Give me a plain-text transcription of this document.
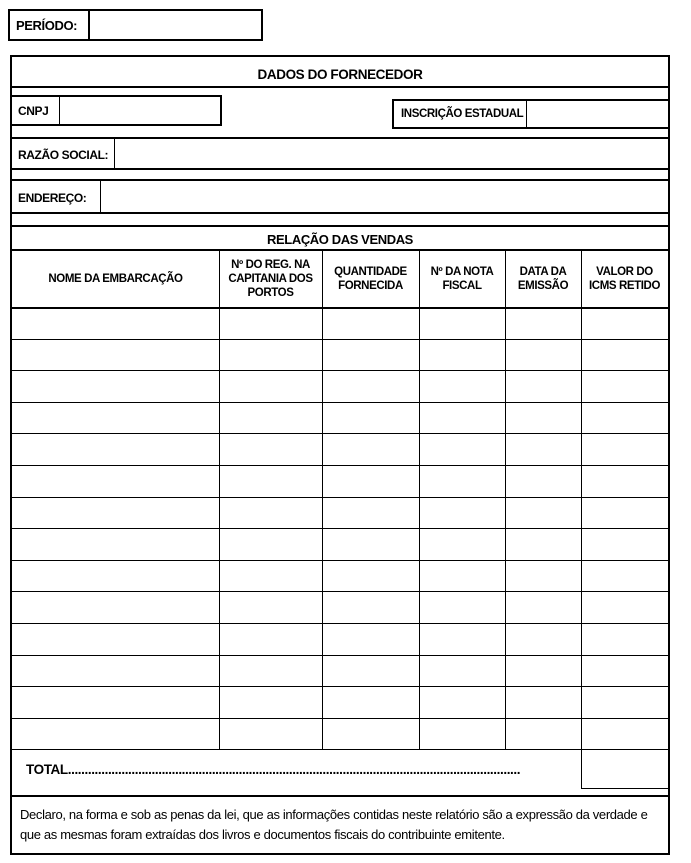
PERÍODO:
DADOS DO FORNECEDOR
CNPJ	INSCRIÇÃO ESTADUAL
RAZÃO SOCIAL:
ENDEREÇO:
RELAÇÃO DAS VENDAS
NOME DA EMBARCAÇÃO
Nº DO REG. NA CAPITANIA DOS PORTOS
QUANTIDADE FORNECIDA
Nº DA NOTA FISCAL
DATA DA EMISSÃO
VALOR DO ICMS RETIDO
TOTAL.......................................................................................................................................
Declaro, na forma e sob as penas da lei, que as informações contidas neste relatório são a expressão da verdade e que as mesmas foram extraídas dos livros e documentos fiscais do contribuinte emitente.
